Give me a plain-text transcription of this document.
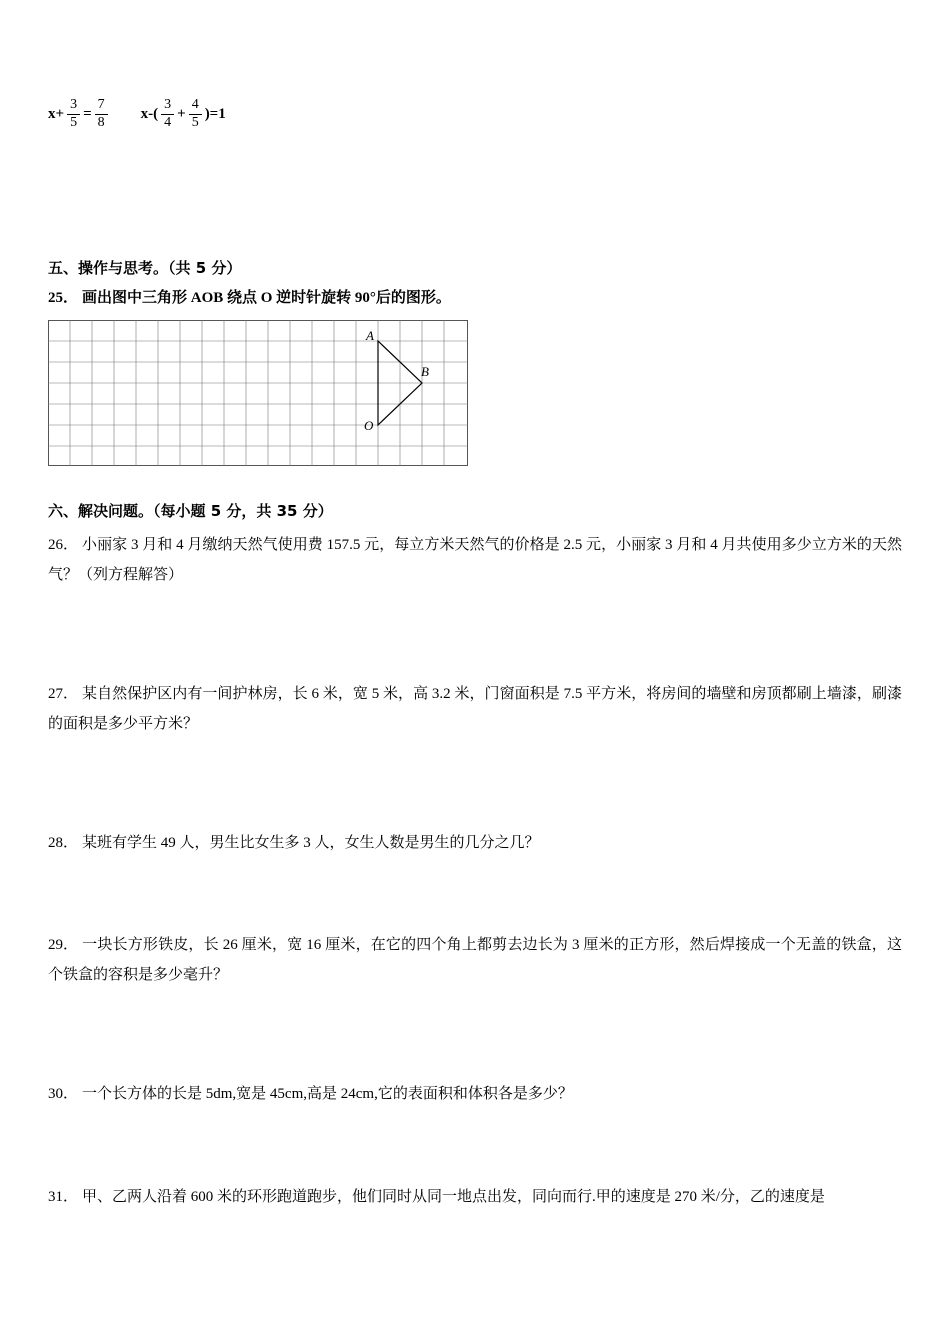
$x+ \frac{3}{5} = \frac{7}{8} x-( \frac{3}{4} + \frac{4}{5} )=1$
五、操作与思考。（共 5 分）
25． 画出图中三角形 AOB 绕点 O 逆时针旋转 90°后的图形。
A
B
O
六、解决问题。（每小题 5 分，共 35 分）
26． 小丽家 3 月和 4 月缴纳天然气使用费 157.5 元，每立方米天然气的价格是 2.5 元，小丽家 3 月和 4 月共使用多少立方米的天然气？（列方程解答）
27． 某自然保护区内有一间护林房，长 6 米，宽 5 米，高 3.2 米，门窗面积是 7.5 平方米，将房间的墙壁和房顶都刷上墙漆，刷漆的面积是多少平方米？
28． 某班有学生 49 人，男生比女生多 3 人，女生人数是男生的几分之几？
29． 一块长方形铁皮，长 26 厘米，宽 16 厘米，在它的四个角上都剪去边长为 3 厘米的正方形，然后焊接成一个无盖的铁盒，这个铁盒的容积是多少毫升？
30． 一个长方体的长是 5dm,宽是 45cm,高是 24cm,它的表面积和体积各是多少？
31． 甲、乙两人沿着 600 米的环形跑道跑步，他们同时从同一地点出发，同向而行.甲的速度是 270 米/分，乙的速度是
